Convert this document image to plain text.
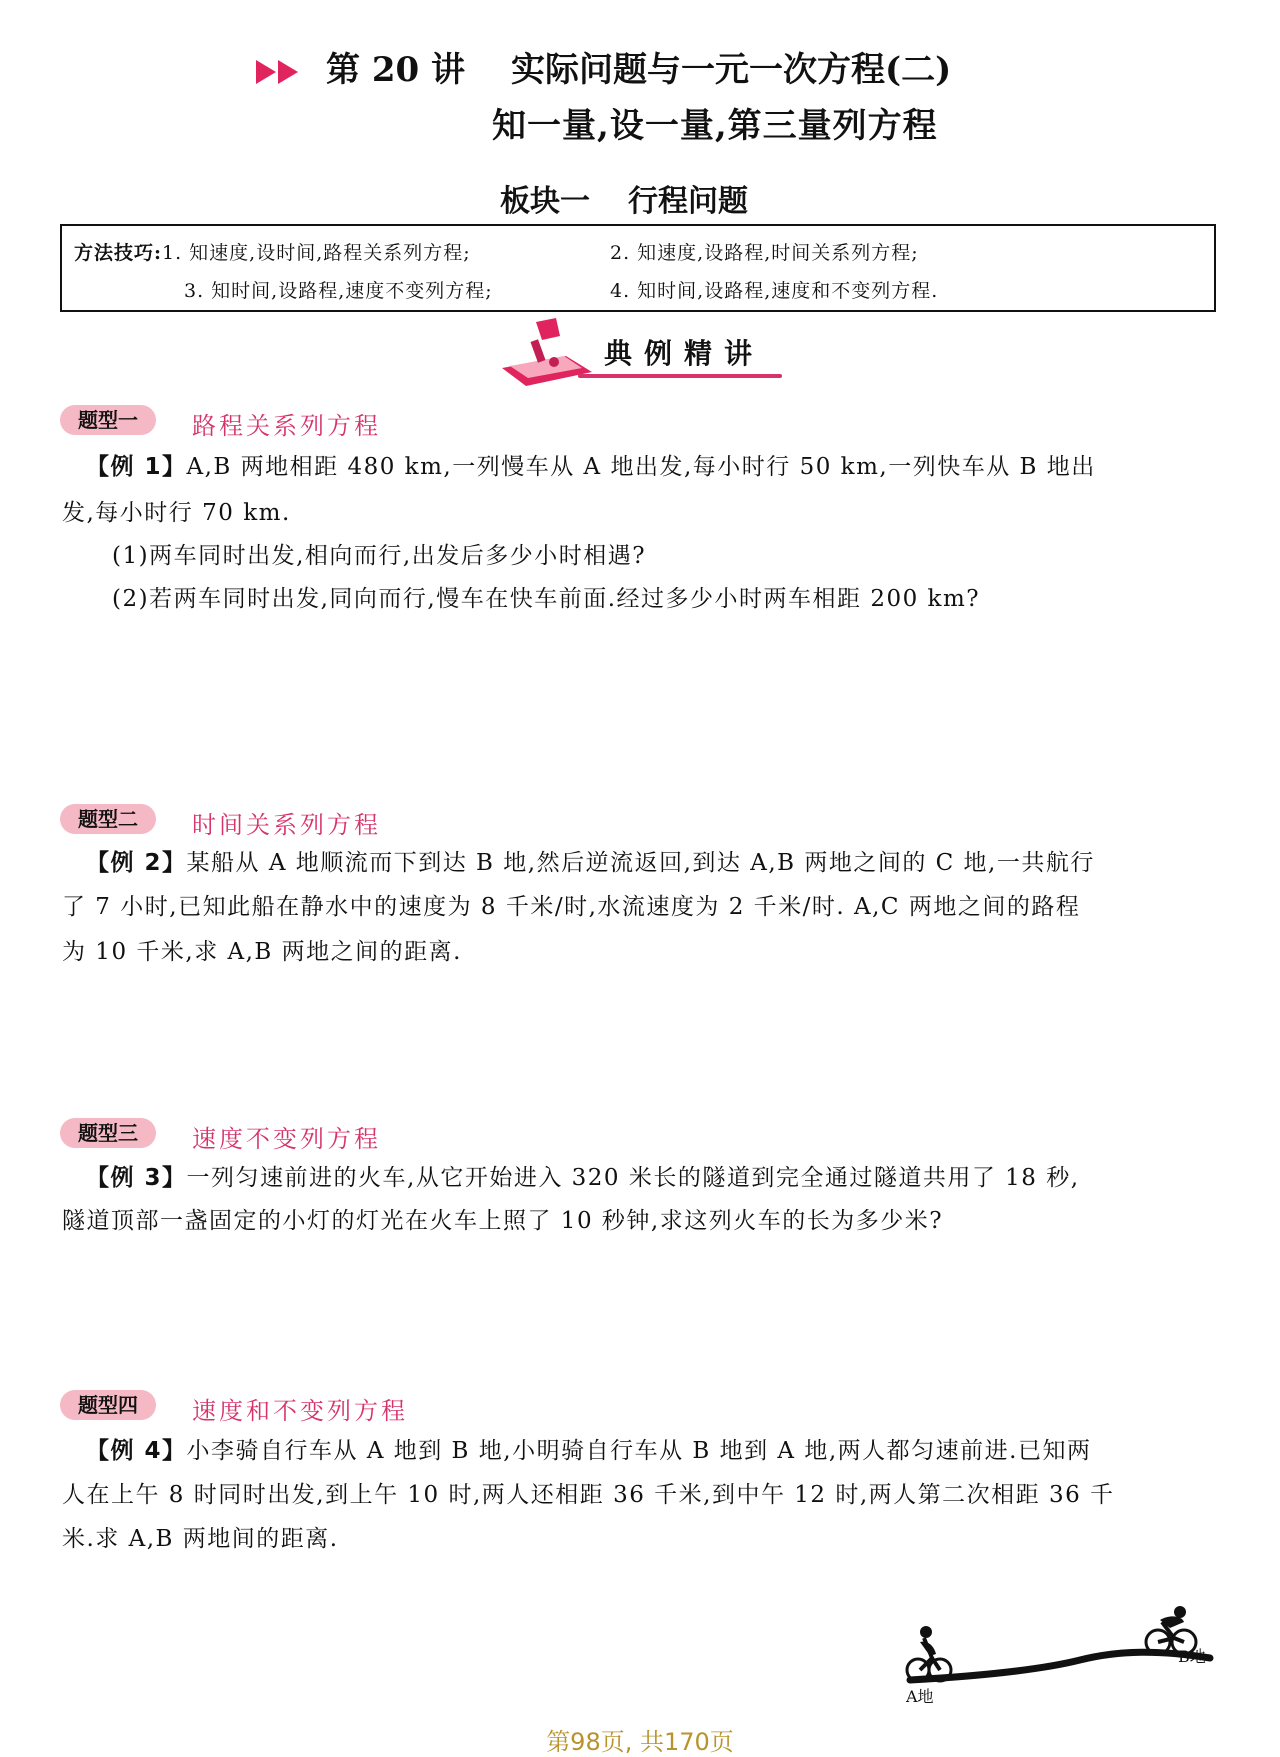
第 20 讲 实际问题与一元一次方程(二)
知一量,设一量,第三量列方程
板块一 行程问题
方法技巧:1. 知速度,设时间,路程关系列方程;	2. 知速度,设路程,时间关系列方程;
3. 知时间,设路程,速度不变列方程;	4. 知时间,设路程,速度和不变列方程.
典例精讲
题型一	路程关系列方程
【例 1】A,B 两地相距 480 km,一列慢车从 A 地出发,每小时行 50 km,一列快车从 B 地出
发,每小时行 70 km.
(1)两车同时出发,相向而行,出发后多少小时相遇?
(2)若两车同时出发,同向而行,慢车在快车前面.经过多少小时两车相距 200 km?
题型二	时间关系列方程
【例 2】某船从 A 地顺流而下到达 B 地,然后逆流返回,到达 A,B 两地之间的 C 地,一共航行
了 7 小时,已知此船在静水中的速度为 8 千米/时,水流速度为 2 千米/时. A,C 两地之间的路程
为 10 千米,求 A,B 两地之间的距离.
题型三	速度不变列方程
【例 3】一列匀速前进的火车,从它开始进入 320 米长的隧道到完全通过隧道共用了 18 秒,
隧道顶部一盏固定的小灯的灯光在火车上照了 10 秒钟,求这列火车的长为多少米?
题型四	速度和不变列方程
【例 4】小李骑自行车从 A 地到 B 地,小明骑自行车从 B 地到 A 地,两人都匀速前进.已知两
人在上午 8 时同时出发,到上午 10 时,两人还相距 36 千米,到中午 12 时,两人第二次相距 36 千
米.求 A,B 两地间的距离.
A地
B地
第98页, 共170页
